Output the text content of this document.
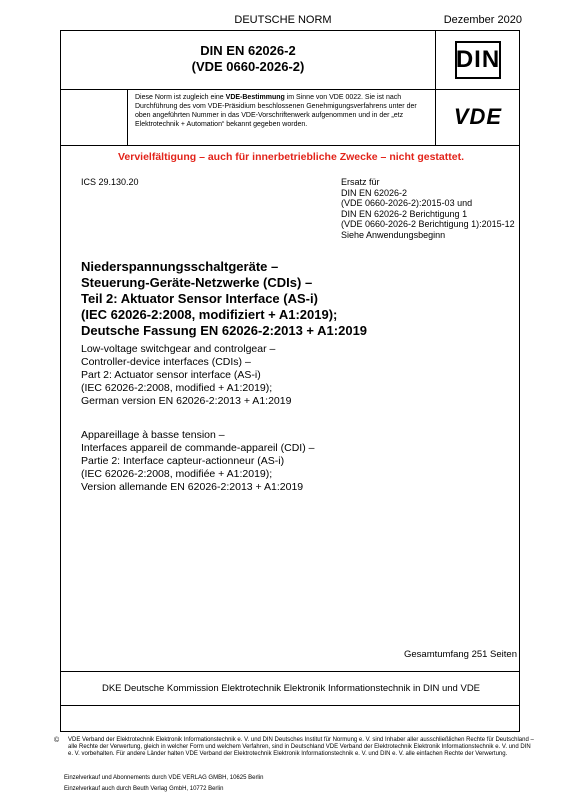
DEUTSCHE NORM	Dezember 2020
DIN EN 62026-2
(VDE 0660-2026-2)	DIN
Diese Norm ist zugleich eine VDE-Bestimmung im Sinne von VDE 0022. Sie ist nach Durchführung des vom VDE-Präsidium beschlossenen Genehmigungsverfahrens unter der oben angeführten Nummer in das VDE-Vorschriftenwerk aufgenommen und in der „etz Elektrotechnik + Automation“ bekannt gegeben worden.	VDE
Vervielfältigung – auch für innerbetriebliche Zwecke – nicht gestattet.
ICS 29.130.20	Ersatz für
DIN EN 62026-2
(VDE 0660-2026-2):2015-03 und
DIN EN 62026-2 Berichtigung 1
(VDE 0660-2026-2 Berichtigung 1):2015-12
Siehe Anwendungsbeginn
Niederspannungsschaltgeräte –
Steuerung-Geräte-Netzwerke (CDIs) –
Teil 2: Aktuator Sensor Interface (AS-i)
(IEC 62026-2:2008, modifiziert + A1:2019);
Deutsche Fassung EN 62026-2:2013 + A1:2019
Low-voltage switchgear and controlgear –
Controller-device interfaces (CDIs) –
Part 2: Actuator sensor interface (AS-i)
(IEC 62026-2:2008, modified + A1:2019);
German version EN 62026-2:2013 + A1:2019
Appareillage à basse tension –
Interfaces appareil de commande-appareil (CDI) –
Partie 2: Interface capteur-actionneur (AS-i)
(IEC 62026-2:2008, modifiée + A1:2019);
Version allemande EN 62026-2:2013 + A1:2019
Gesamtumfang 251 Seiten
DKE Deutsche Kommission Elektrotechnik Elektronik Informationstechnik in DIN und VDE
© VDE Verband der Elektrotechnik Elektronik Informationstechnik e. V. und DIN Deutsches Institut für Normung e. V. sind Inhaber aller ausschließlichen Rechte für Deutschland – alle Rechte der Verwertung, gleich in welcher Form und welchem Verfahren, sind in Deutschland VDE Verband der Elektrotechnik Elektronik Informationstechnik e. V. und DIN e. V. vorbehalten. Für andere Länder halten VDE Verband der Elektrotechnik Elektronik Informationstechnik e. V. und DIN e. V. alle einfachen Rechte der Verwertung.
Einzelverkauf und Abonnements durch VDE VERLAG GMBH, 10625 Berlin
Einzelverkauf auch durch Beuth Verlag GmbH, 10772 Berlin
